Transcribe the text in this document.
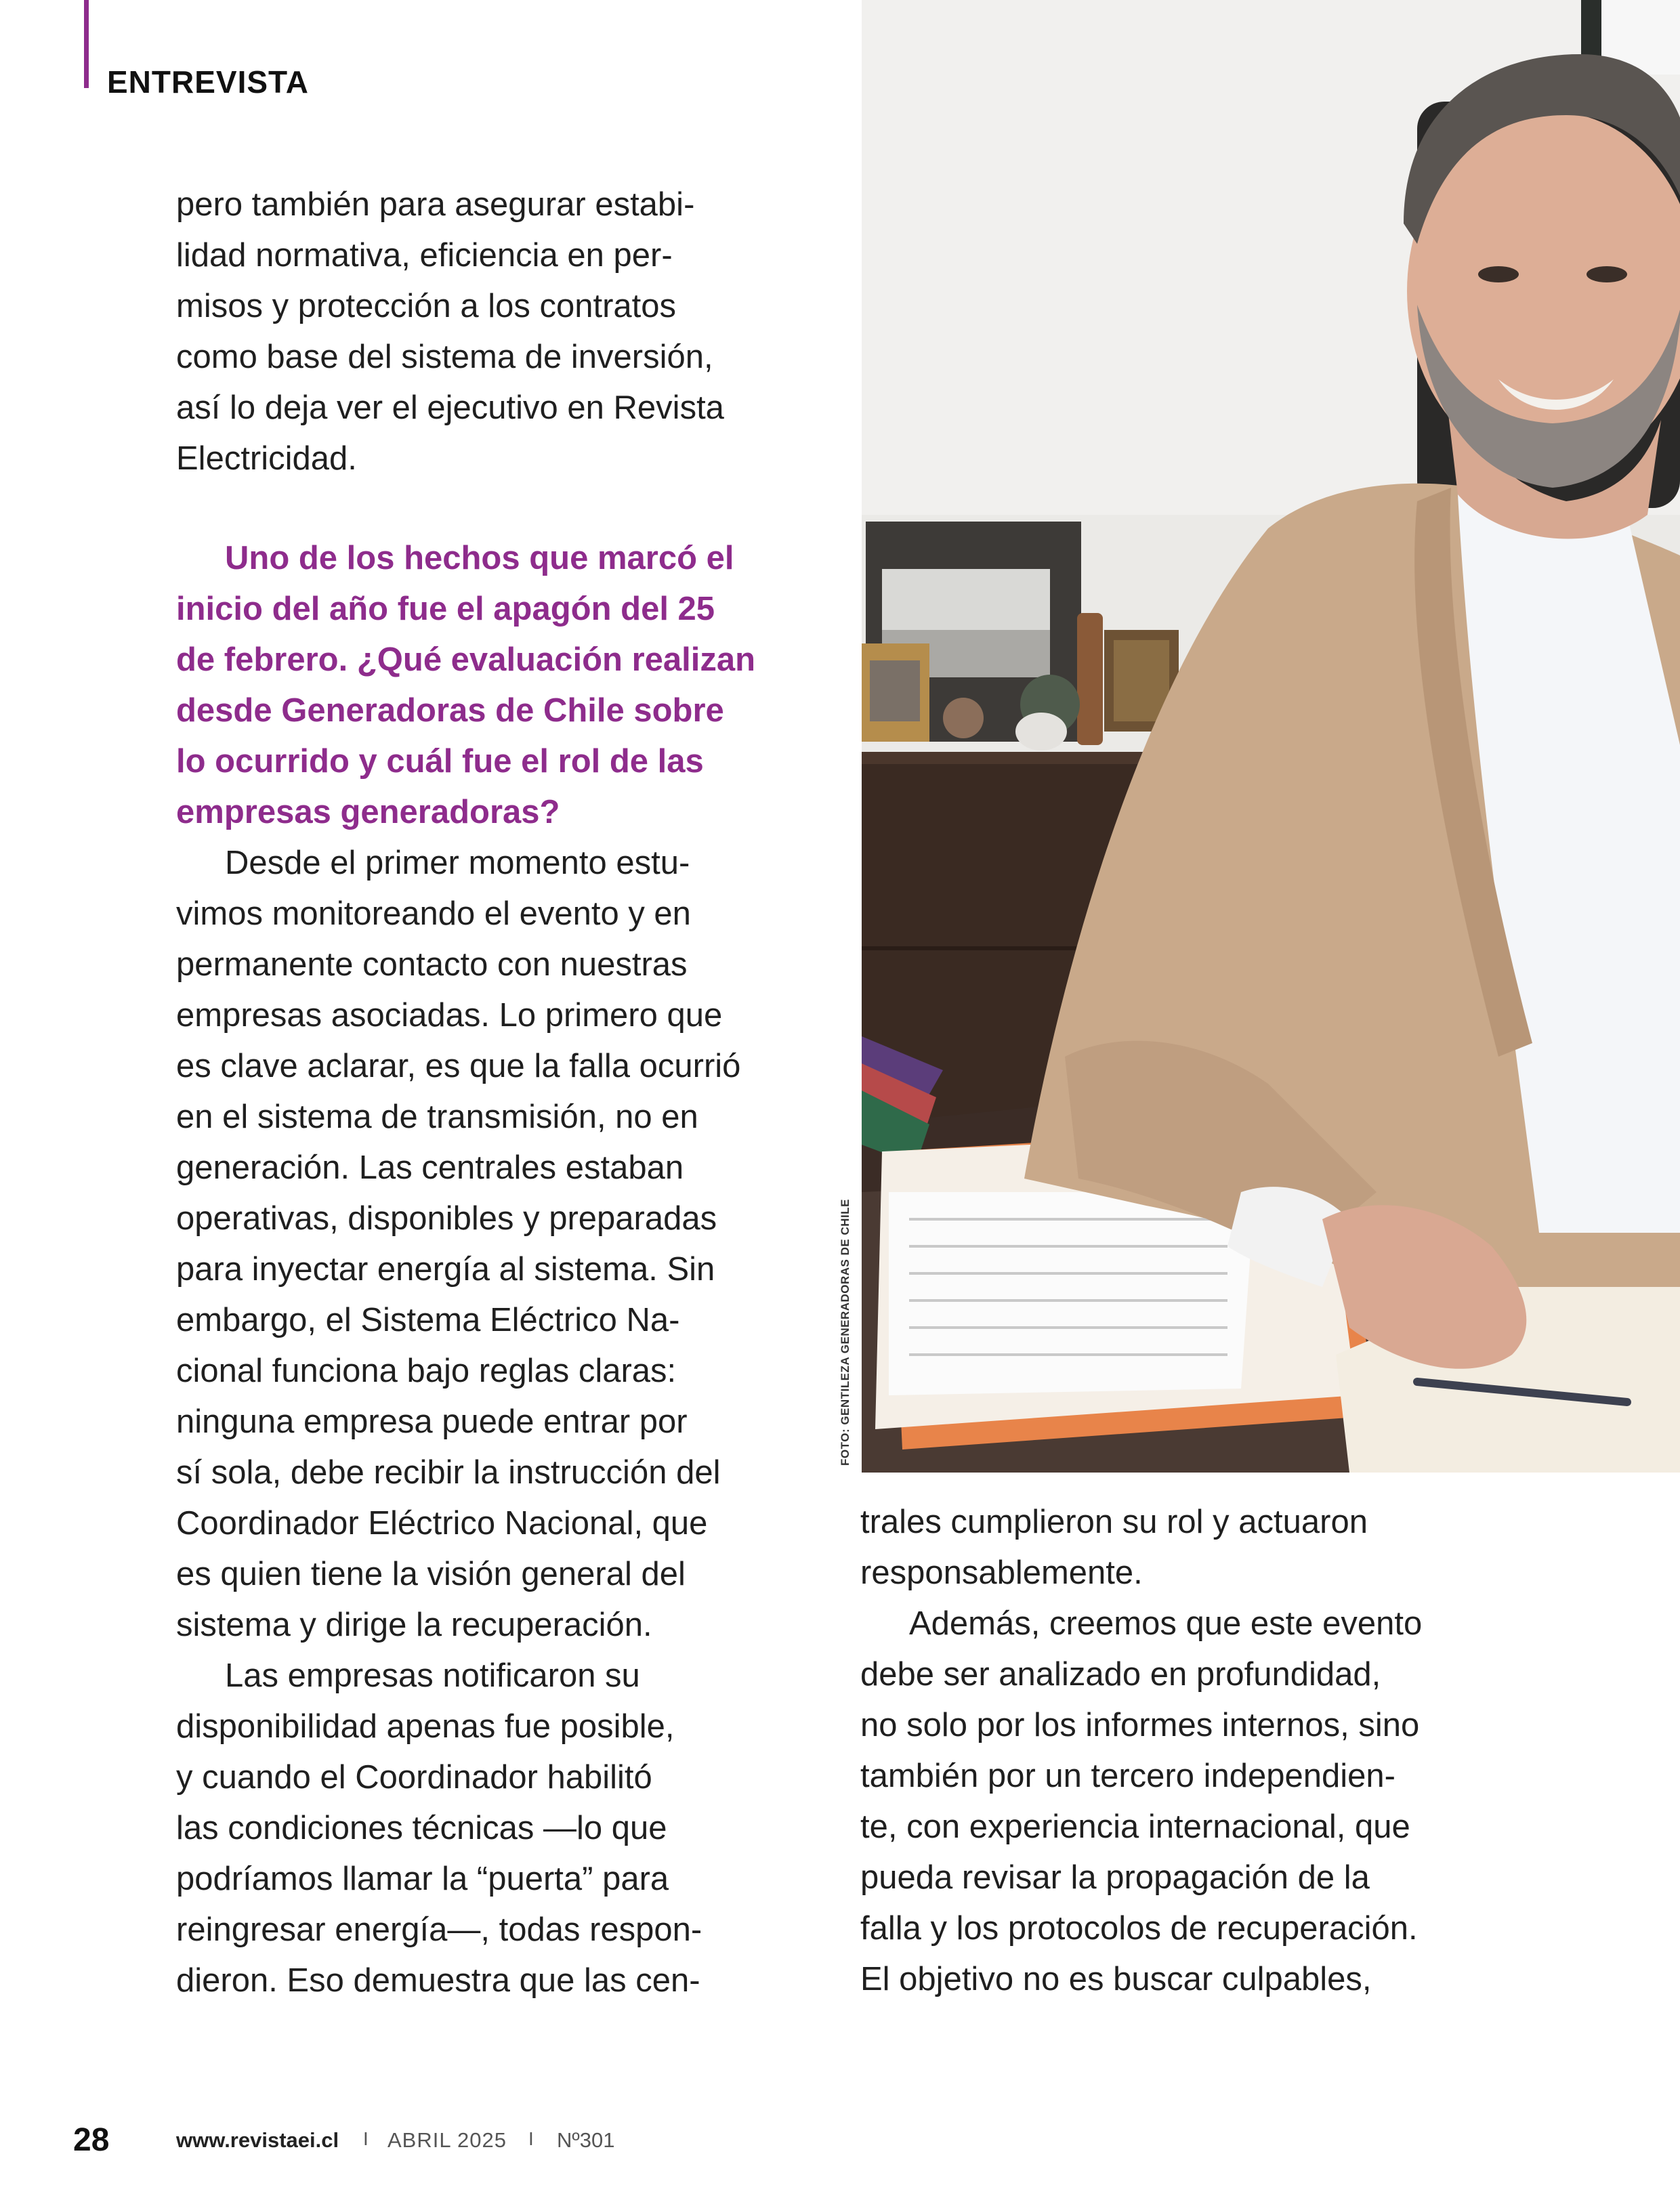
ENTREVISTA

pero también para asegurar estabi-

lidad normativa, eficiencia en per-

misos y protección a los contratos

como base del sistema de inversión,

así lo deja ver el ejecutivo en Revista

Electricidad.

Uno de los hechos que marcó el

inicio del año fue el apagón del 25

de febrero. ¿Qué evaluación realizan

desde Generadoras de Chile sobre

lo ocurrido y cuál fue el rol de las

empresas generadoras?

Desde el primer momento estu-

vimos monitoreando el evento y en

permanente contacto con nuestras

empresas asociadas. Lo primero que

es clave aclarar, es que la falla ocurrió

en el sistema de transmisión, no en

generación. Las centrales estaban

operativas, disponibles y preparadas

para inyectar energía al sistema. Sin

embargo, el Sistema Eléctrico Na-

cional funciona bajo reglas claras:

ninguna empresa puede entrar por

sí sola, debe recibir la instrucción del

Coordinador Eléctrico Nacional, que

es quien tiene la visión general del

sistema y dirige la recuperación.

Las empresas notificaron su

disponibilidad apenas fue posible,

y cuando el Coordinador habilitó

las condiciones técnicas —lo que

podríamos llamar la “puerta” para

reingresar energía—, todas respon-

dieron. Eso demuestra que las cen-

FOTO: GENTILEZA GENERADORAS DE CHILE

trales cumplieron su rol y actuaron

responsablemente.

Además, creemos que este evento

debe ser analizado en profundidad,

no solo por los informes internos, sino

también por un tercero independien-

te, con experiencia internacional, que

pueda revisar la propagación de la

falla y los protocolos de recuperación.

El objetivo no es buscar culpables,

28	www.revistaei.cl I ABRIL 2025 I Nº301
